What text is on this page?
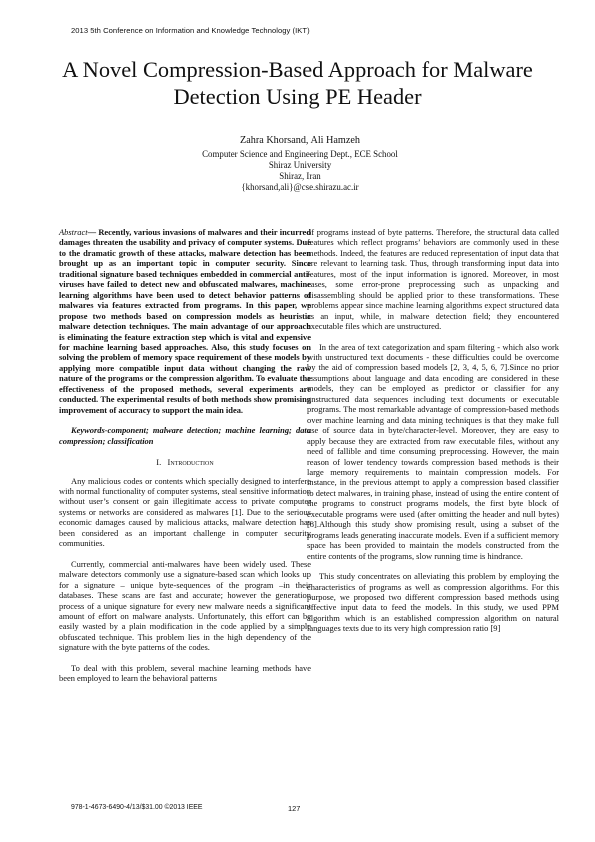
2013 5th Conference on Information and Knowledge Technology (IKT)
A Novel Compression-Based Approach for Malware Detection Using PE Header
Zahra Khorsand, Ali Hamzeh
Computer Science and Engineering Dept., ECE School
Shiraz University
Shiraz, Iran
{khorsand,ali}@cse.shirazu.ac.ir

Abstract— Recently, various invasions of malwares and their incurred damages threaten the usability and privacy of computer systems. Due to the dramatic growth of these attacks, malware detection has been brought up as an important topic in computer security. Since traditional signature based techniques embedded in commercial anti-viruses have failed to detect new and obfuscated malwares, machine learning algorithms have been used to detect behavior patterns of malwares via features extracted from programs. In this paper, we propose two methods based on compression models as heuristic malware detection techniques. The main advantage of our approach is eliminating the feature extraction step which is vital and expensive for machine learning based approaches. Also, this study focuses on solving the problem of memory space requirement of these models by applying more compatible input data without changing the raw nature of the programs or the compression algorithm. To evaluate the effectiveness of the proposed methods, several experiments are conducted. The experimental results of both methods show promising improvement of accuracy to support the main idea.

Keywords-component; malware detection; machine learning; data compression; classification

I. Introduction

Any malicious codes or contents which specially designed to interfere with normal functionality of computer systems, steal sensitive information without user’s consent or gain illegitimate access to private computer systems or networks are considered as malwares [1]. Due to the serious economic damages caused by malicious attacks, malware detection has been considered as an important challenge in computer security communities.

Currently, commercial anti-malwares have been widely used. These malware detectors commonly use a signature-based scan which looks up for a signature – unique byte-sequences of the program –in their databases. These scans are fast and accurate; however the generation process of a unique signature for every new malware needs a significant amount of effort on malware analysts. Unfortunately, this effort can be easily wasted by a plain modification in the code applied by a simple obfuscated technique. This problem lies in the high dependency of the signature with the byte patterns of the codes.

To deal with this problem, several machine learning methods have been employed to learn the behavioral patterns

of programs instead of byte patterns. Therefore, the structural data called features which reflect programs’ behaviors are commonly used in these methods. Indeed, the features are reduced representation of input data that are relevant to learning task. Thus, through transforming input data into features, most of the input information is ignored. Moreover, in most cases, some error-prone preprocessing such as unpacking and disassembling should be applied prior to these transformations. These problems appear since machine learning algorithms expect structured data as an input, while, in malware detection field; they encountered executable files which are unstructured.

In the area of text categorization and spam filtering - which also work with unstructured text documents - these difficulties could be overcome by the aid of compression based models [2, 3, 4, 5, 6, 7].Since no prior assumptions about language and data encoding are considered in these models, they can be employed as predictor or classifier for any unstructured data sequences including text documents or executable programs. The most remarkable advantage of compression-based methods over machine learning and data mining techniques is that they make full use of source data in byte/character-level. Moreover, they are easy to apply because they are extracted from raw executable files, without any need of fallible and time consuming preprocessing. However, the main reason of lower tendency towards compression based methods is their large memory requirements to maintain compression models. For instance, in the previous attempt to apply a compression based classifier to detect malwares, in training phase, instead of using the entire content of the programs to construct programs models, the first byte block of executable programs were used (after omitting the header and null bytes) [8].Although this study show promising result, using a subset of the programs leads generating inaccurate models. Even if a sufficient memory space has been provided to maintain the models constructed from the entire contents of the programs, slow running time is hindrance.

This study concentrates on alleviating this problem by employing the characteristics of programs as well as compression algorithms. For this purpose, we proposed two different compression based methods using effective input data to feed the models. In this study, we used PPM algorithm which is an established compression algorithm on natural languages texts due to its very high compression ratio [9]

978-1-4673-6490-4/13/$31.00 ©2013 IEEE	127
